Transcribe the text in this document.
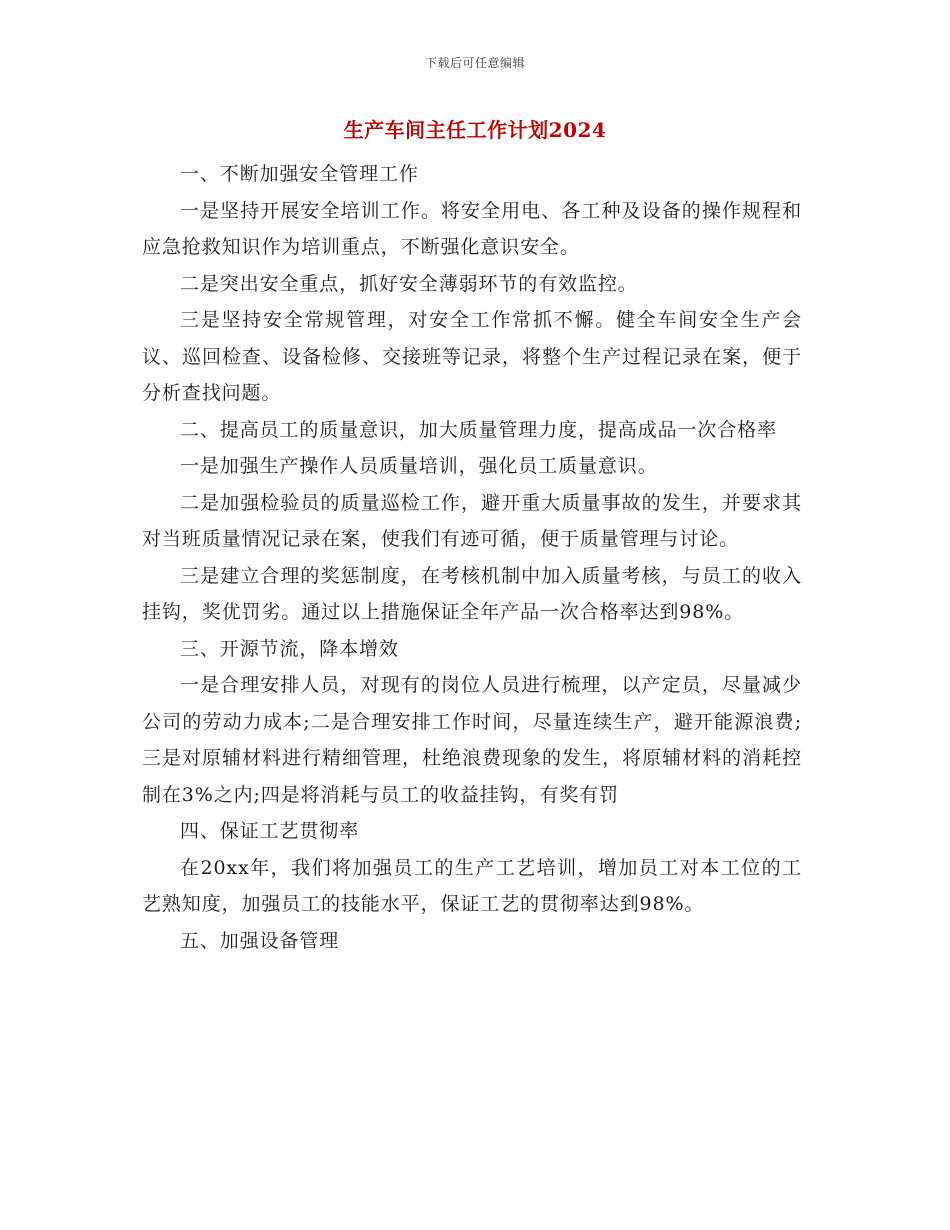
下载后可任意编辑
生产车间主任工作计划2024

一、不断加强安全管理工作

一是坚持开展安全培训工作。将安全用电、各工种及设备的操作规程和应急抢救知识作为培训重点，不断强化意识安全。

二是突出安全重点，抓好安全薄弱环节的有效监控。

三是坚持安全常规管理，对安全工作常抓不懈。健全车间安全生产会议、巡回检查、设备检修、交接班等记录，将整个生产过程记录在案，便于分析查找问题。

二、提高员工的质量意识，加大质量管理力度，提高成品一次合格率

一是加强生产操作人员质量培训，强化员工质量意识。

二是加强检验员的质量巡检工作，避开重大质量事故的发生，并要求其对当班质量情况记录在案，使我们有迹可循，便于质量管理与讨论。

三是建立合理的奖惩制度，在考核机制中加入质量考核，与员工的收入挂钩，奖优罚劣。通过以上措施保证全年产品一次合格率达到98%。

三、开源节流，降本增效

一是合理安排人员，对现有的岗位人员进行梳理，以产定员，尽量减少公司的劳动力成本;二是合理安排工作时间，尽量连续生产，避开能源浪费;三是对原辅材料进行精细管理，杜绝浪费现象的发生，将原辅材料的消耗控制在3%之内;四是将消耗与员工的收益挂钩，有奖有罚

四、保证工艺贯彻率

在20xx年，我们将加强员工的生产工艺培训，增加员工对本工位的工艺熟知度，加强员工的技能水平，保证工艺的贯彻率达到98%。

五、加强设备管理
